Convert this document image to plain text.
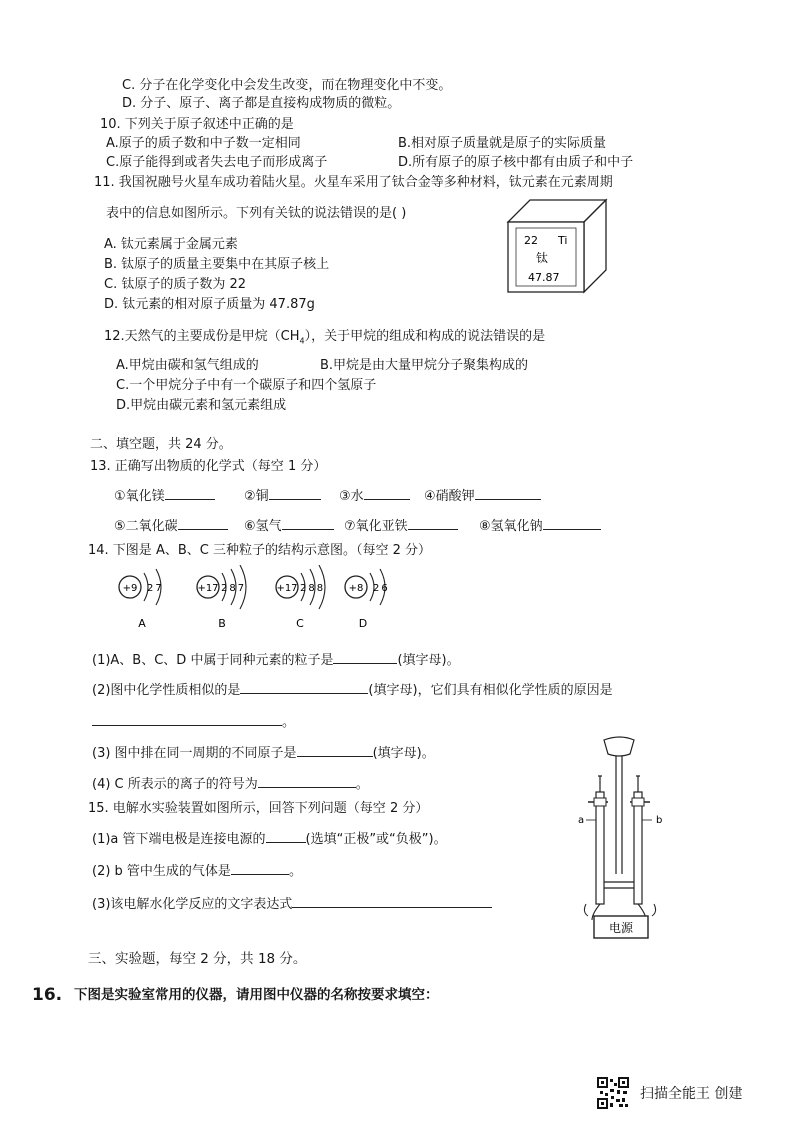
C. 分子在化学变化中会发生改变，而在物理变化中不变。
D. 分子、原子、离子都是直接构成物质的微粒。
10. 下列关于原子叙述中正确的是
A.原子的质子数和中子数一定相同	B.相对原子质量就是原子的实际质量
C.原子能得到或者失去电子而形成离子	D.所有原子的原子核中都有由质子和中子
11. 我国祝融号火星车成功着陆火星。火星车采用了钛合金等多种材料，钛元素在元素周期
表中的信息如图所示。下列有关钛的说法错误的是( )
A. 钛元素属于金属元素
B. 钛原子的质量主要集中在其原子核上
C. 钛原子的质子数为 22
D. 钛元素的相对原子质量为 47.87g
22 Ti
钛
47.87
12.天然气的主要成份是甲烷$(CH_4)$，关于甲烷的组成和构成的说法错误的是
A.甲烷由碳和氢气组成的	B.甲烷是由大量甲烷分子聚集构成的
C.一个甲烷分子中有一个碳原子和四个氢原子
D.甲烷由碳元素和氢元素组成
二、填空题，共 24 分。
13. 正确写出物质的化学式（每空 1 分）
①氧化镁	②铜	③水	④硝酸钾
⑤二氧化碳	⑥氢气	⑦氧化亚铁	⑧氢氧化钠
14. 下图是 A、B、C 三种粒子的结构示意图。（每空 2 分）
+9 27
A
+17 287
B
+17 288
C
+8 26
D
(1)A、B、C、D 中属于同种元素的粒子是	(填字母)。
(2)图中化学性质相似的是	(填字母)，它们具有相似化学性质的原因是
。
(3) 图中排在同一周期的不同原子是	(填字母)。
(4) C 所表示的离子的符号为	。
15. 电解水实验装置如图所示，回答下列问题（每空 2 分）
(1)a 管下端电极是连接电源的	(选填“正极”或“负极”)。
(2) b 管中生成的气体是	。
(3)该电解水化学反应的文字表达式
a	b
电源
三、实验题，每空 2 分，共 18 分。
16. 下图是实验室常用的仪器，请用图中仪器的名称按要求填空：
扫描全能王 创建
